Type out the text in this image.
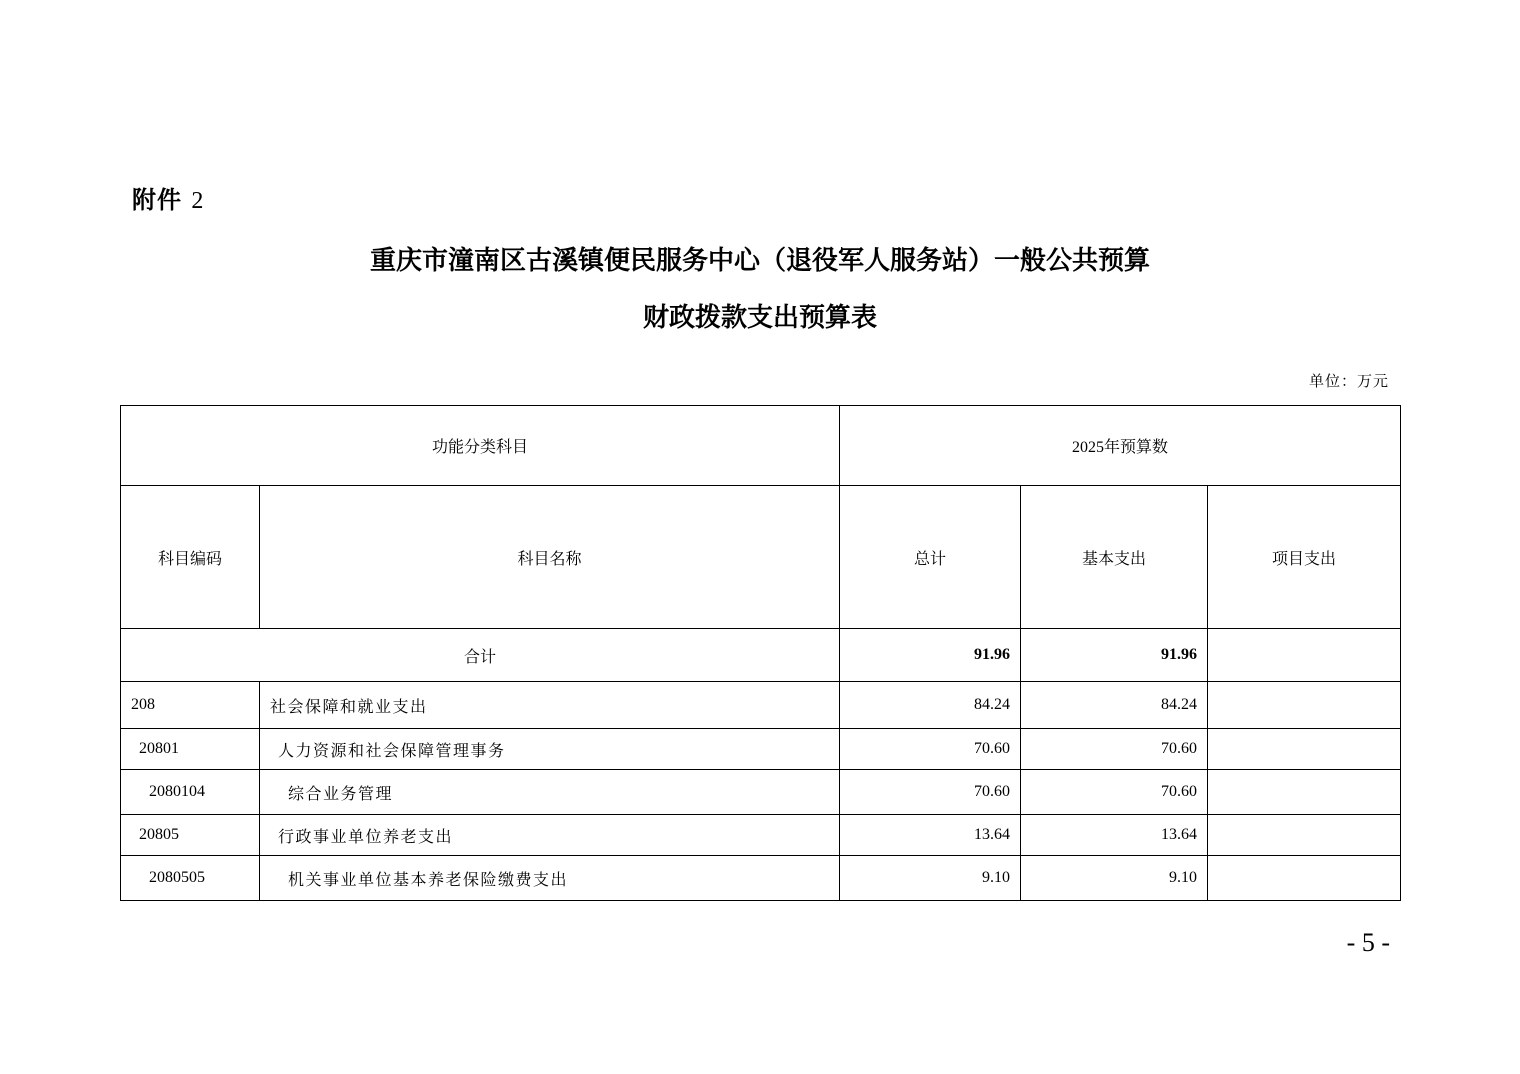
附件 2
重庆市潼南区古溪镇便民服务中心（退役军人服务站）一般公共预算
财政拨款支出预算表
单位：万元
功能分类科目		2025年预算数		
科目编码	科目名称	总计	基本支出	项目支出
合计		91.96	91.96	
208	社会保障和就业支出	84.24	84.24	
20801	人力资源和社会保障管理事务	70.60	70.60	
2080104	综合业务管理	70.60	70.60	
20805	行政事业单位养老支出	13.64	13.64	
2080505	机关事业单位基本养老保险缴费支出	9.10	9.10	
- 5 -
